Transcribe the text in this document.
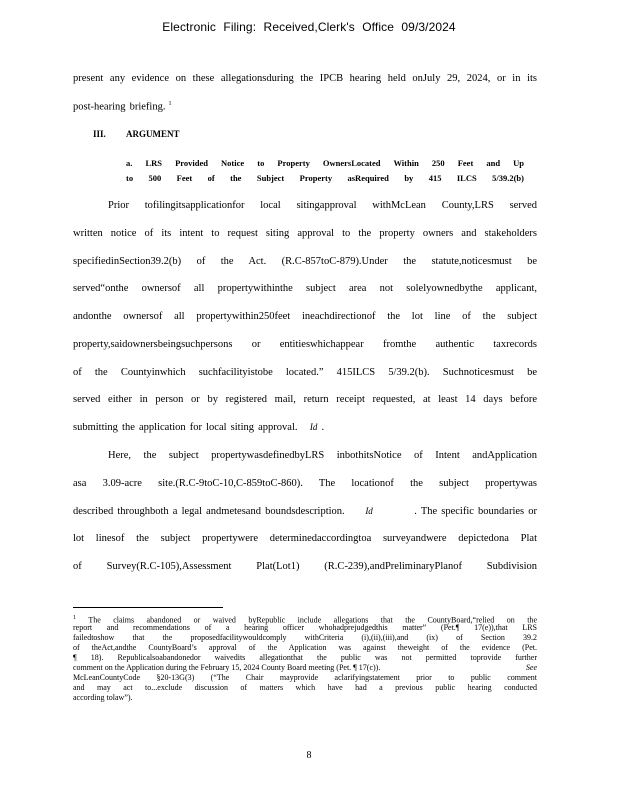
Electronic Filing: Received,Clerk's Office 09/3/2024
present any evidence on these allegationsduring the IPCB hearing held onJuly 29, 2024, or in its
post-hearing briefing. $^1$
III. ARGUMENT
a. LRS Provided Notice to Property OwnersLocated Within 250 Feet and Up
to 500 Feet of the Subject Property asRequired by 415 ILCS 5/39.2(b)
Prior tofilingitsapplicationfor local sitingapproval withMcLean County,LRS served
written notice of its intent to request siting approval to the property owners and stakeholders
specifiedinSection39.2(b) of the Act. (R.C-857toC-879).Under the statute,noticesmust be
served“onthe ownersof all propertywithinthe subject area not solelyownedbythe applicant,
andonthe ownersof all propertywithin250feet ineachdirectionof the lot line of the subject
property,saidownersbeingsuchpersons or entitieswhichappear fromthe authentic taxrecords
of the Countyinwhich suchfacilityistobe located.” 415ILCS 5/39.2(b). Suchnoticesmust be
served either in person or by registered mail, return receipt requested, at least 14 days before
submitting the application for local siting approval. Id .
Here, the subject propertywasdefinedbyLRS inbothitsNotice of Intent andApplication
asa 3.09-acre site.(R.C-9toC-10,C-859toC-860). The locationof the subject propertywas
described throughboth a legal andmetesand boundsdescription. Id	. The specific boundaries or
lot linesof the subject propertywere determinedaccordingtoa surveyandwere depictedona Plat
of Survey(R.C-105),Assessment Plat(Lot1) (R.C-239),andPreliminaryPlanof Subdivision
$^1$ The claims abandoned or waived byRepublic include allegations that the CountyBoard,“relied on the
report and recommendations of a hearing officer whohadprejudgedthis matter” (Pet.¶ 17(e)),that LRS
failedtoshow that the proposedfacilitywouldcomply withCriteria (i),(ii),(iii),and (ix) of Section 39.2
of theAct,andthe CountyBoard’s approval of the Application was against theweight of the evidence (Pet.
¶ 18). Republicalsoabandonedor waivedits allegationthat the public was not permitted toprovide further
comment on the Application during the February 15, 2024 County Board meeting (Pet. ¶ 17(c)).	See
McLeanCountyCode §20-13G(3) (“The Chair mayprovide aclarifyingstatement prior to public comment
and may act to...exclude discussion of matters which have had a previous public hearing conducted
according tolaw”).
8
